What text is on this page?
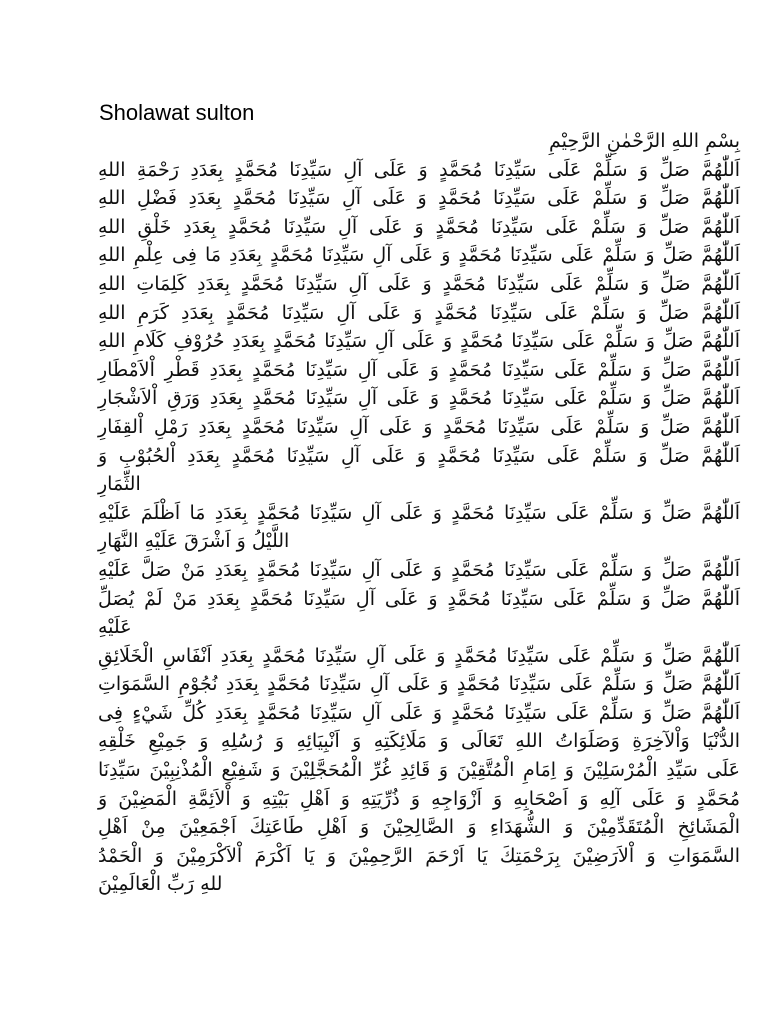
Sholawat sulton
بِسْمِ اللهِ الرَّحْمٰنِ الرَّحِيْمِ
اَللّٰهُمَّ صَلِّ وَ سَلِّمْ عَلَى سَيِّدِنَا مُحَمَّدٍ وَ عَلَى آلِ سَيِّدِنَا مُحَمَّدٍ بِعَدَدِ رَحْمَةِ اللهِ
اَللّٰهُمَّ صَلِّ وَ سَلِّمْ عَلَى سَيِّدِنَا مُحَمَّدٍ وَ عَلَى آلِ سَيِّدِنَا مُحَمَّدٍ بِعَدَدِ فَضْلِ اللهِ
اَللّٰهُمَّ صَلِّ وَ سَلِّمْ عَلَى سَيِّدِنَا مُحَمَّدٍ وَ عَلَى آلِ سَيِّدِنَا مُحَمَّدٍ بِعَدَدِ خَلْقِ اللهِ
اَللّٰهُمَّ صَلِّ وَ سَلِّمْ عَلَى سَيِّدِنَا مُحَمَّدٍ وَ عَلَى آلِ سَيِّدِنَا مُحَمَّدٍ بِعَدَدِ مَا فِى عِلْمِ اللهِ
اَللّٰهُمَّ صَلِّ وَ سَلِّمْ عَلَى سَيِّدِنَا مُحَمَّدٍ وَ عَلَى آلِ سَيِّدِنَا مُحَمَّدٍ بِعَدَدِ كَلِمَاتِ اللهِ
اَللّٰهُمَّ صَلِّ وَ سَلِّمْ عَلَى سَيِّدِنَا مُحَمَّدٍ وَ عَلَى آلِ سَيِّدِنَا مُحَمَّدٍ بِعَدَدِ كَرَمِ اللهِ
اَللّٰهُمَّ صَلِّ وَ سَلِّمْ عَلَى سَيِّدِنَا مُحَمَّدٍ وَ عَلَى آلِ سَيِّدِنَا مُحَمَّدٍ بِعَدَدِ حُرُوْفِ كَلَامِ اللهِ
اَللّٰهُمَّ صَلِّ وَ سَلِّمْ عَلَى سَيِّدِنَا مُحَمَّدٍ وَ عَلَى آلِ سَيِّدِنَا مُحَمَّدٍ بِعَدَدِ قَطْرِ اْلاَمْطَارِ
اَللّٰهُمَّ صَلِّ وَ سَلِّمْ عَلَى سَيِّدِنَا مُحَمَّدٍ وَ عَلَى آلِ سَيِّدِنَا مُحَمَّدٍ بِعَدَدِ وَرَقِ اْلاَشْجَارِ
اَللّٰهُمَّ صَلِّ وَ سَلِّمْ عَلَى سَيِّدِنَا مُحَمَّدٍ وَ عَلَى آلِ سَيِّدِنَا مُحَمَّدٍ بِعَدَدِ رَمْلِ اْلقِفَارِ
اَللّٰهُمَّ صَلِّ وَ سَلِّمْ عَلَى سَيِّدِنَا مُحَمَّدٍ وَ عَلَى آلِ سَيِّدِنَا مُحَمَّدٍ بِعَدَدِ اْلحُبُوْبِ وَ
الثِّمَارِ
اَللّٰهُمَّ صَلِّ وَ سَلِّمْ عَلَى سَيِّدِنَا مُحَمَّدٍ وَ عَلَى آلِ سَيِّدِنَا مُحَمَّدٍ بِعَدَدِ مَا اَظْلَمَ عَلَيْهِ
اللَّيْلُ وَ اَشْرَقَ عَلَيْهِ النَّهَارِ
اَللّٰهُمَّ صَلِّ وَ سَلِّمْ عَلَى سَيِّدِنَا مُحَمَّدٍ وَ عَلَى آلِ سَيِّدِنَا مُحَمَّدٍ بِعَدَدِ مَنْ صَلَّ عَلَيْهِ
اَللّٰهُمَّ صَلِّ وَ سَلِّمْ عَلَى سَيِّدِنَا مُحَمَّدٍ وَ عَلَى آلِ سَيِّدِنَا مُحَمَّدٍ بِعَدَدِ مَنْ لَمْ يُصَلِّ
عَلَيْهِ
اَللّٰهُمَّ صَلِّ وَ سَلِّمْ عَلَى سَيِّدِنَا مُحَمَّدٍ وَ عَلَى آلِ سَيِّدِنَا مُحَمَّدٍ بِعَدَدِ اَنْفَاسِ الْخَلَائِقِ
اَللّٰهُمَّ صَلِّ وَ سَلِّمْ عَلَى سَيِّدِنَا مُحَمَّدٍ وَ عَلَى آلِ سَيِّدِنَا مُحَمَّدٍ بِعَدَدِ نُجُوْمِ السَّمَوَاتِ
اَللّٰهُمَّ صَلِّ وَ سَلِّمْ عَلَى سَيِّدِنَا مُحَمَّدٍ وَ عَلَى آلِ سَيِّدِنَا مُحَمَّدٍ بِعَدَدِ كُلِّ شَيْءٍ فِى
الدُّنْيَا وَاْلآخِرَةِ وَصَلَوَاتُ اللهِ تَعَالَى وَ مَلَائِكَتِهِ وَ اَنْبِيَائِهِ وَ رُسُلِهِ وَ جَمِيْعِ خَلْقِهِ
عَلَى سَيِّدِ الْمُرْسَلِيْنَ وَ اِمَامِ الْمُتَّقِيْنَ وَ قَائِدِ غُرِّ الْمُحَجَّلِيْنَ وَ شَفِيْعِ الْمُذْنِبِيْنَ سَيِّدِنَا
مُحَمَّدٍ وَ عَلَى آلِهِ وَ اَصْحَابِهِ وَ اَزْوَاجِهِ وَ ذُرِّيَتِهِ وَ اَهْلِ بَيْتِهِ وَ اْلاَئِمَّةِ الْمَضِيْنَ وَ
الْمَشَائِخِ الْمُتَقَدِّمِيْنَ وَ الشُّهَدَاءِ وَ الصَّالِحِيْنَ وَ اَهْلِ طَاعَتِكَ اَجْمَعِيْنَ مِنْ اَهْلِ
السَّمَوَاتِ وَ اْلاَرَضِيْنَ بِرَحْمَتِكَ يَا اَرْحَمَ الرَّحِمِيْنَ وَ يَا اَكْرَمَ اْلاَكْرَمِيْنَ وَ الْحَمْدُ
للهِ رَبِّ الْعَالَمِيْنَ
